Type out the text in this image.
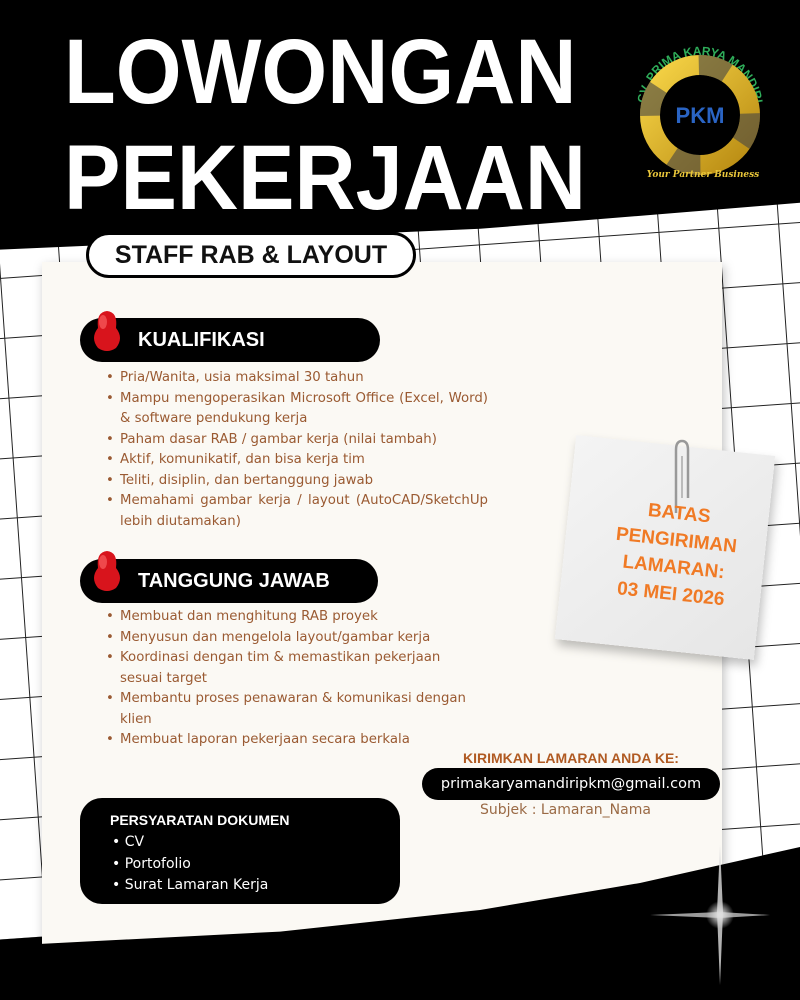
LOWONGAN
PEKERJAAN
CV. PRIMA KARYA MANDIRI
PKM
Your Partner Business
STAFF RAB & LAYOUT
KUALIFIKASI
• Pria/Wanita, usia maksimal 30 tahun
• Mampu mengoperasikan Microsoft Office (Excel, Word) & software pendukung kerja
• Paham dasar RAB / gambar kerja (nilai tambah)
• Aktif, komunikatif, dan bisa kerja tim
• Teliti, disiplin, dan bertanggung jawab
• Memahami gambar kerja / layout (AutoCAD/SketchUp lebih diutamakan)
TANGGUNG JAWAB
• Membuat dan menghitung RAB proyek
• Menyusun dan mengelola layout/gambar kerja
• Koordinasi dengan tim & memastikan pekerjaan sesuai target
• Membantu proses penawaran & komunikasi dengan klien
• Membuat laporan pekerjaan secara berkala
BATAS
PENGIRIMAN
LAMARAN:
03 MEI 2026
KIRIMKAN LAMARAN ANDA KE:
primakaryamandiripkm@gmail.com
Subjek : Lamaran_Nama
PERSYARATAN DOKUMEN
• CV
• Portofolio
• Surat Lamaran Kerja
